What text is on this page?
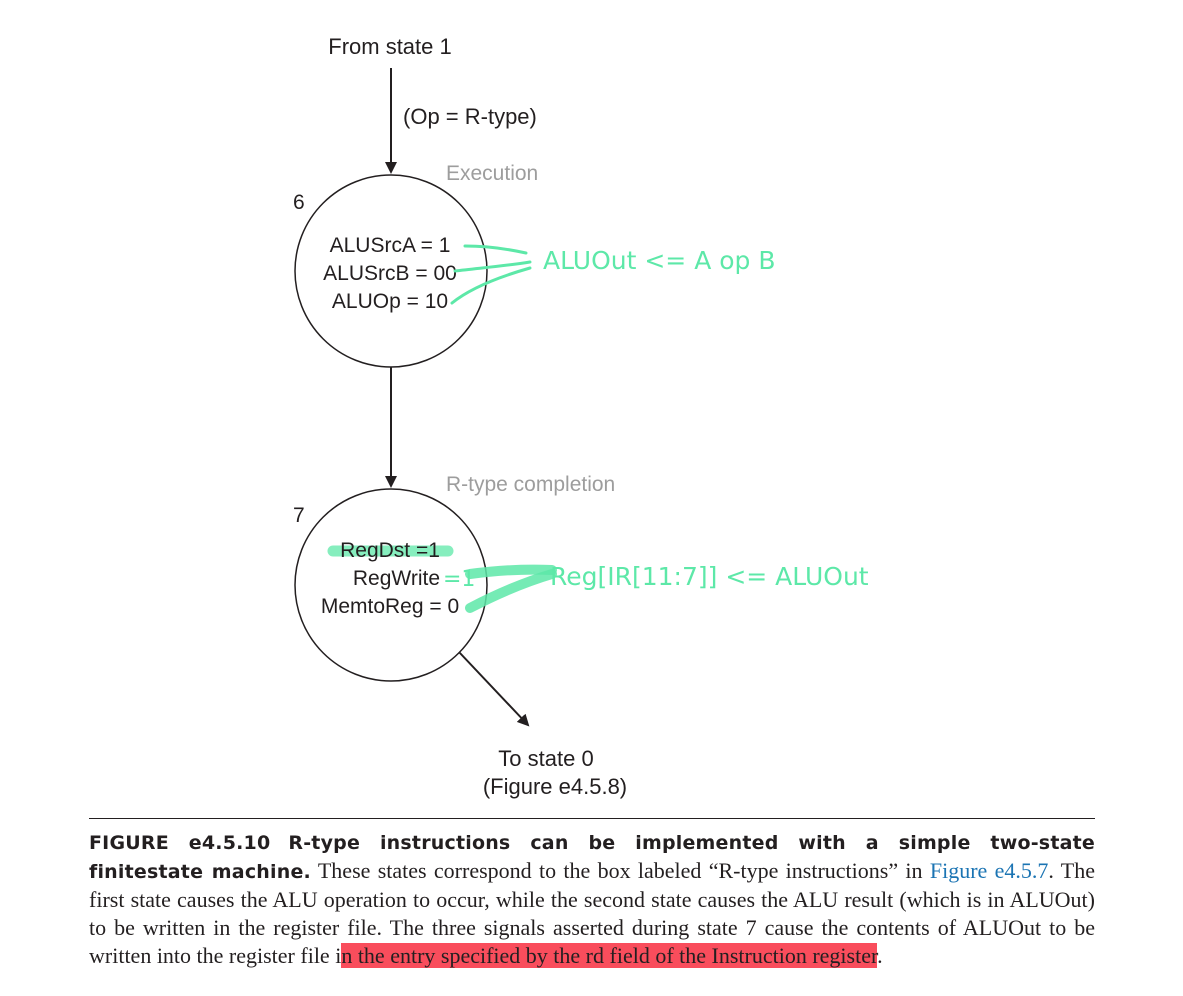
From state 1
(Op = R-type)
Execution
6
ALUSrcA = 1
ALUSrcB = 00
ALUOp = 10
ALUOut <= A op B
R-type completion
7
RegDst =1
RegWrite =1
MemtoReg = 0
Reg[IR[11:7]] <= ALUOut
To state 0
(Figure e4.5.8)
FIGURE e4.5.10 R-type instructions can be implemented with a simple two-state finitestate machine. These states correspond to the box labeled “R-type instructions” in Figure e4.5.7. The first state causes the ALU operation to occur, while the second state causes the ALU result (which is in ALUOut) to be written in the register file. The three signals asserted during state 7 cause the contents of ALUOut to be written into the register file in the entry specified by the rd field of the Instruction register.
